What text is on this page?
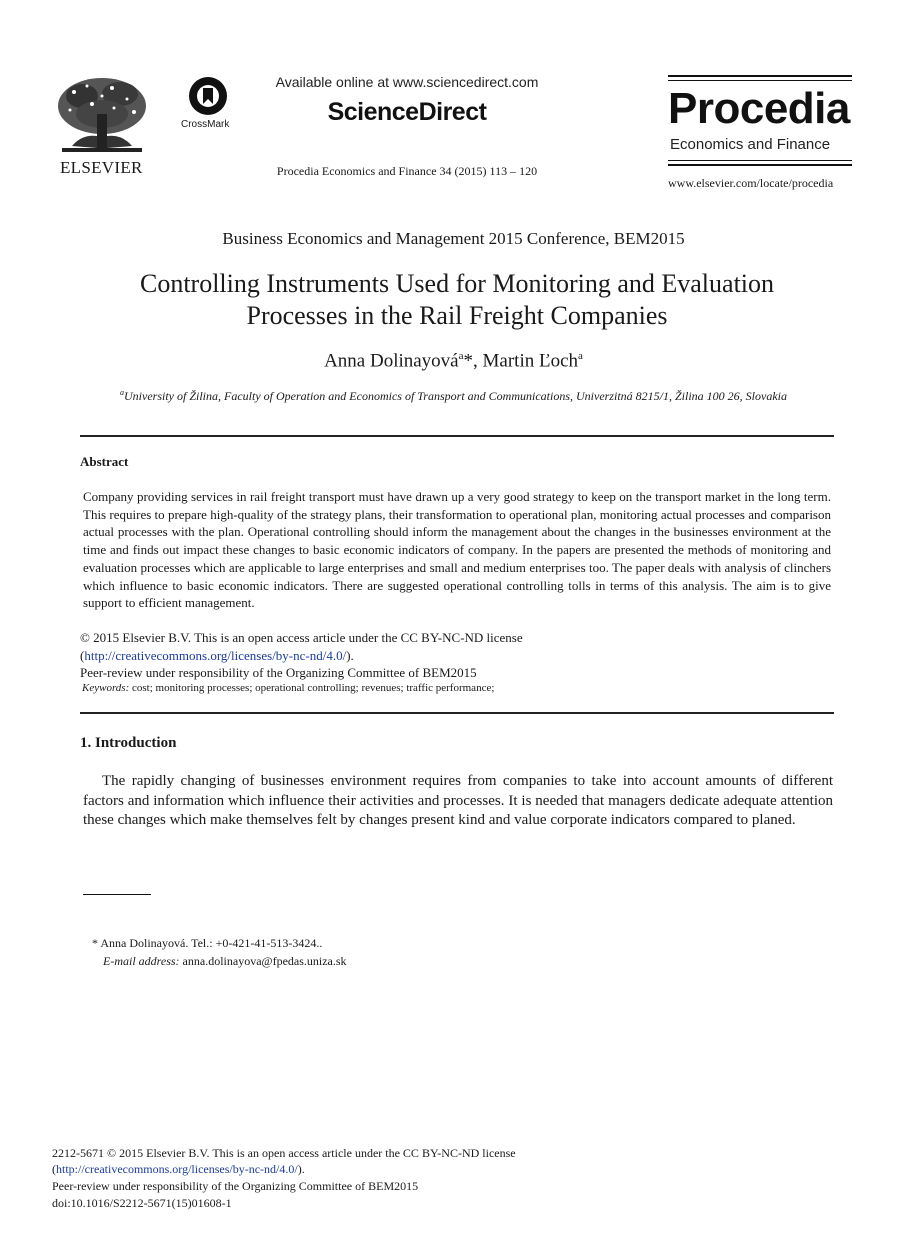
ELSEVIER
CrossMark
Available online at www.sciencedirect.com
ScienceDirect
Procedia Economics and Finance 34 (2015) 113 – 120
Procedia
Economics and Finance
www.elsevier.com/locate/procedia
Business Economics and Management 2015 Conference, BEM2015
Controlling Instruments Used for Monitoring and Evaluation
Processes in the Rail Freight Companies
Anna Dolinayová$^a$*, Martin Ľoch$^a$
$^a$University of Žilina, Faculty of Operation and Economics of Transport and Communications, Univerzitná 8215/1, Žilina 100 26, Slovakia
Abstract
Company providing services in rail freight transport must have drawn up a very good strategy to keep on the transport market in the long term. This requires to prepare high-quality of the strategy plans, their transformation to operational plan, monitoring actual processes and comparison actual processes with the plan. Operational controlling should inform the management about the changes in the businesses environment at the time and finds out impact these changes to basic economic indicators of company. In the papers are presented the methods of monitoring and evaluation processes which are applicable to large enterprises and small and medium enterprises too. The paper deals with analysis of clinchers which influence to basic economic indicators. There are suggested operational controlling tolls in terms of this analysis. The aim is to give support to efficient management.
© 2015 Elsevier B.V. This is an open access article under the CC BY-NC-ND license
(http://creativecommons.org/licenses/by-nc-nd/4.0/).
Peer-review under responsibility of the Organizing Committee of BEM2015
Keywords: cost; monitoring processes; operational controlling; revenues; traffic performance;
1. Introduction
The rapidly changing of businesses environment requires from companies to take into account amounts of different factors and information which influence their activities and processes. It is needed that managers dedicate adequate attention these changes which make themselves felt by changes present kind and value corporate indicators compared to planed.
* Anna Dolinayová. Tel.: +0-421-41-513-3424..
E-mail address: anna.dolinayova@fpedas.uniza.sk
2212-5671 © 2015 Elsevier B.V. This is an open access article under the CC BY-NC-ND license
(http://creativecommons.org/licenses/by-nc-nd/4.0/).
Peer-review under responsibility of the Organizing Committee of BEM2015
doi:10.1016/S2212-5671(15)01608-1
